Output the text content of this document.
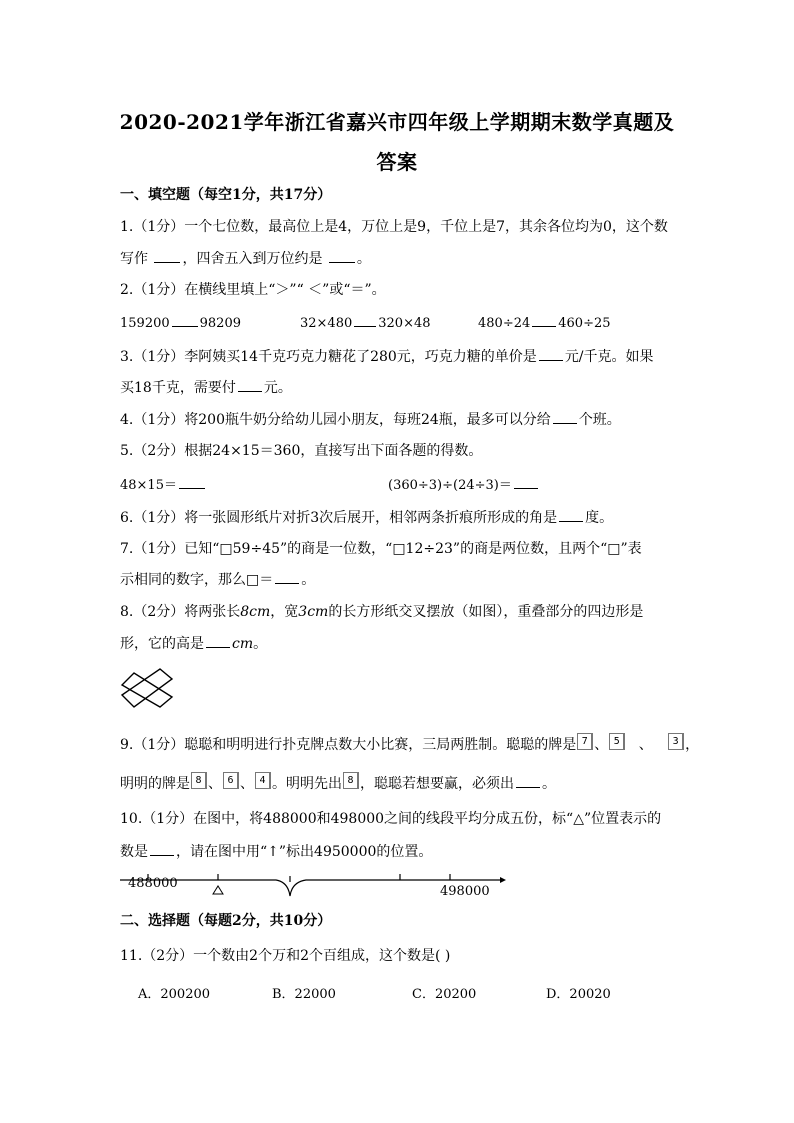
2020-2021学年浙江省嘉兴市四年级上学期期末数学真题及
答案
一、填空题（每空1分，共17分）
1.（1分）一个七位数，最高位上是4，万位上是9，千位上是7，其余各位均为0，这个数
写作 ，四舍五入到万位约是 。
2.（1分）在横线里填上“＞”“ ＜”或“＝”。
159200 98209	32×480 320×48	480÷24 460÷25
3.（1分）李阿姨买14千克巧克力糖花了280元，巧克力糖的单价是 元/千克。如果
买18千克，需要付 元。
4.（1分）将200瓶牛奶分给幼儿园小朋友，每班24瓶，最多可以分给 个班。
5.（2分）根据24×15＝360，直接写出下面各题的得数。
48×15＝	(360÷3)÷(24÷3)＝
6.（1分）将一张圆形纸片对折3次后展开，相邻两条折痕所形成的角是 度。
7.（1分）已知“□59÷45”的商是一位数，“□12÷23”的商是两位数，且两个“□”表
示相同的数字，那么□＝ 。
8.（2分）将两张长8cm，宽3cm的长方形纸交叉摆放（如图），重叠部分的四边形是
形，它的高是 cm。
9.（1分）聪聪和明明进行扑克牌点数大小比赛，三局两胜制。聪聪的牌是 7 、 5 、 3 ，
明明的牌是 8 、 6 、 4 。明明先出 8 ，聪聪若想要赢，必须出 。
10.（1分）在图中，将488000和498000之间的线段平均分成五份，标“△”位置表示的
数是 ，请在图中用“↑”标出4950000的位置。
488000
498000
二、选择题（每题2分，共10分）
11.（2分）一个数由2个万和2个百组成，这个数是( )
A．200200	B．22000	C．20200	D．20020
